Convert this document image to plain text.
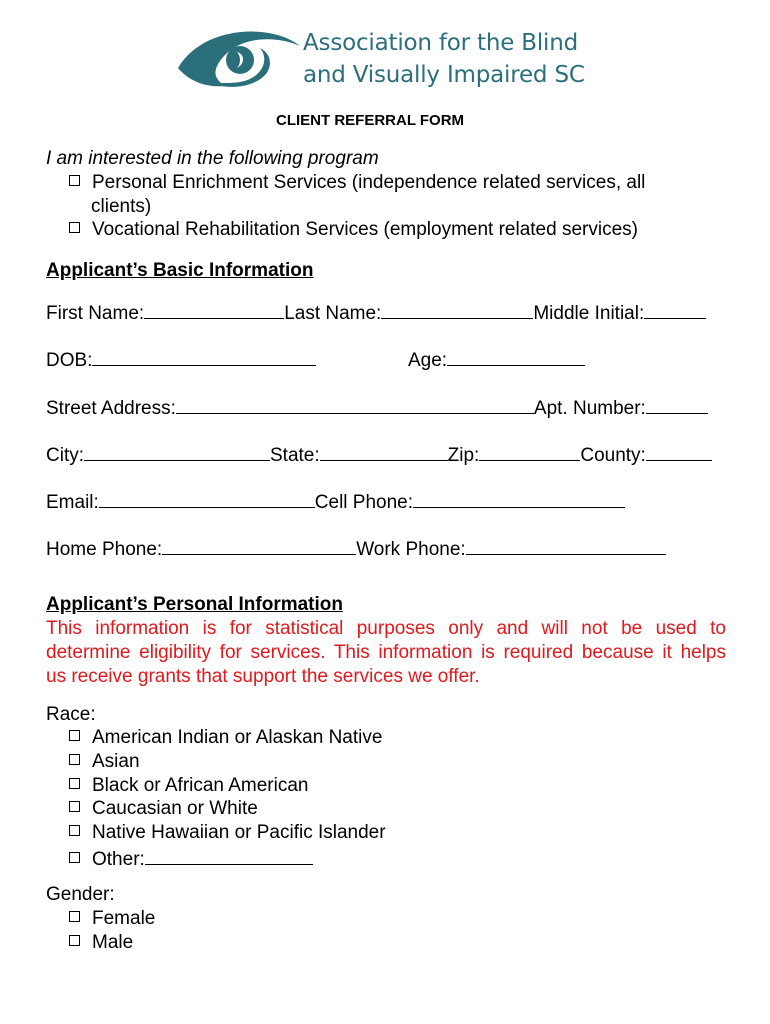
Association for the Blind
and Visually Impaired SC
CLIENT REFERRAL FORM
I am interested in the following program
Personal Enrichment Services (independence related services, all
clients)
Vocational Rehabilitation Services (employment related services)
Applicant’s Basic Information
First Name:	Last Name:	Middle Initial:
DOB:	Age:
Street Address:	Apt. Number:
City:	State:	Zip:	County:
Email:	Cell Phone:
Home Phone:	Work Phone:
Applicant’s Personal Information
This information is for statistical purposes only and will not be used to
determine eligibility for services. This information is required because it helps
us receive grants that support the services we offer.
Race:
American Indian or Alaskan Native
Asian
Black or African American
Caucasian or White
Native Hawaiian or Pacific Islander
Other:
Gender:
Female
Male
